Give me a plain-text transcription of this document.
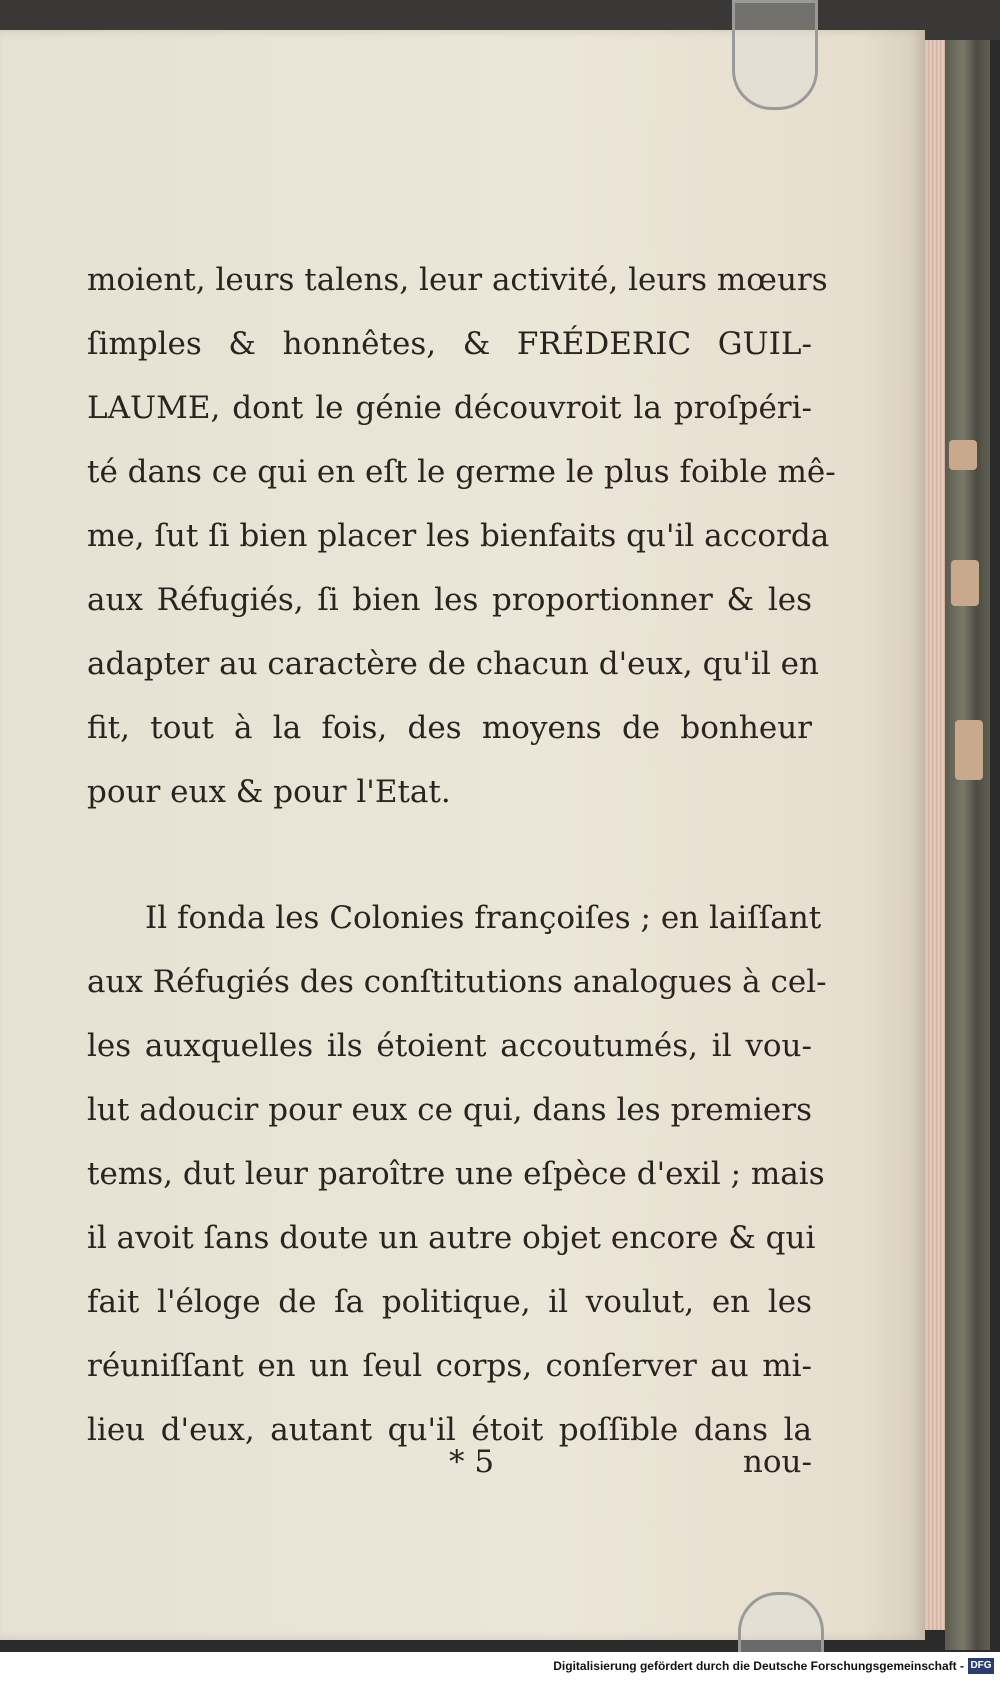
moient, leurs talens, leur activité, leurs mœurs
ſimples & honnêtes, & FRÉDERIC GUIL-
LAUME, dont le génie découvroit la proſpéri-
té dans ce qui en eſt le germe le plus foible mê-
me, ſut ſi bien placer les bienfaits qu'il accorda
aux Réfugiés, ſi bien les proportionner & les
adapter au caractère de chacun d'eux, qu'il en
fit, tout à la fois, des moyens de bonheur
pour eux & pour l'Etat.
Il fonda les Colonies françoiſes ; en laiſſant
aux Réfugiés des conſtitutions analogues à cel-
les auxquelles ils étoient accoutumés, il vou-
lut adoucir pour eux ce qui, dans les premiers
tems, dut leur paroître une eſpèce d'exil ; mais
il avoit ſans doute un autre objet encore & qui
fait l'éloge de ſa politique, il voulut, en les
réuniſſant en un ſeul corps, conſerver au mi-
lieu d'eux, autant qu'il étoit poſſible dans la
* 5	nou-
Digitalisierung gefördert durch die Deutsche Forschungsgemeinschaft - DFG
